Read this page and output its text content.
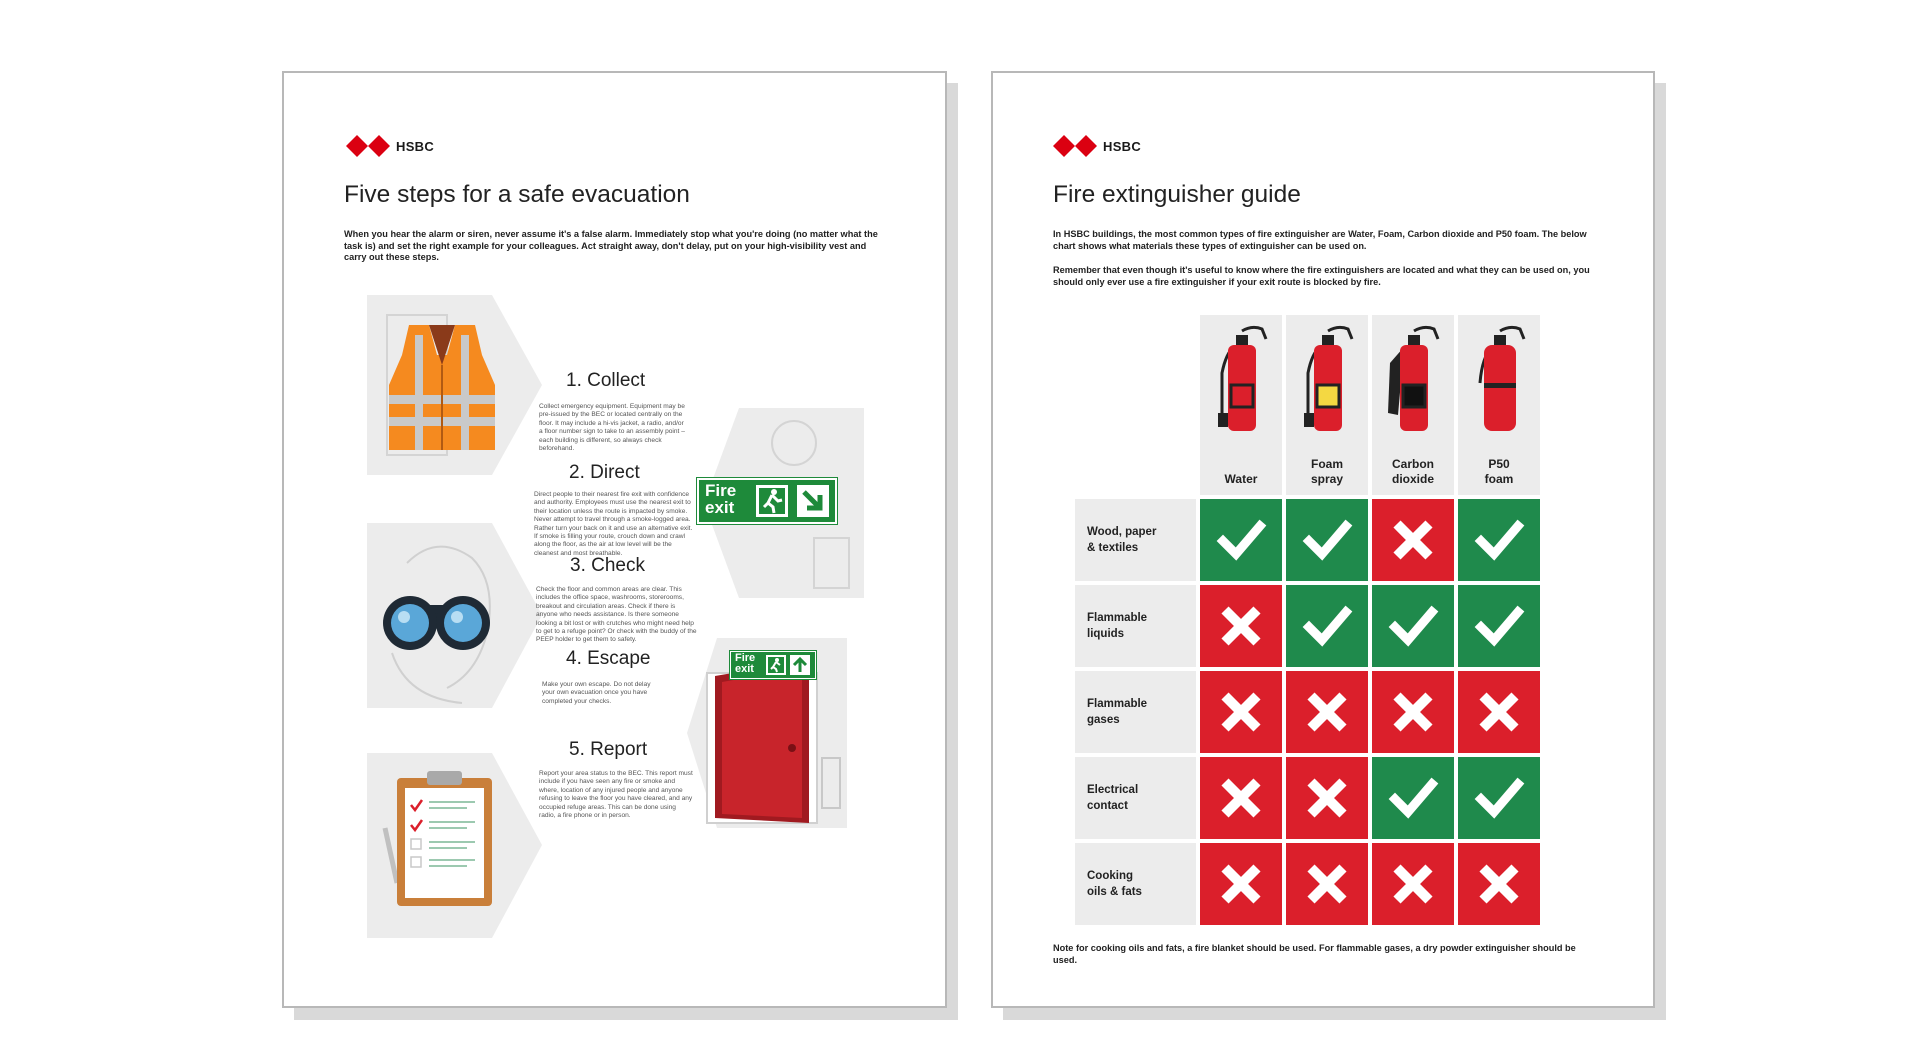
HSBC
Five steps for a safe evacuation
When you hear the alarm or siren, never assume it's a false alarm. Immediately stop what you're doing (no matter what the task is) and set the right example for your colleagues. Act straight away, don't delay, put on your high-visibility vest and carry out these steps.
1. Collect
Collect emergency equipment. Equipment may be pre-issued by the BEC or located centrally on the floor. It may include a hi-vis jacket, a radio, and/or a floor number sign to take to an assembly point – each building is different, so always check beforehand.
Fire
exit
2. Direct
Direct people to their nearest fire exit with confidence and authority. Employees must use the nearest exit to their location unless the route is impacted by smoke. Never attempt to travel through a smoke-logged area. Rather turn your back on it and use an alternative exit. If smoke is filling your route, crouch down and crawl along the floor, as the air at low level will be the cleanest and most breathable.
3. Check
Check the floor and common areas are clear. This includes the office space, washrooms, storerooms, breakout and circulation areas. Check if there is anyone who needs assistance. Is there someone looking a bit lost or with crutches who might need help to get to a refuge point? Or check with the buddy of the PEEP holder to get them to safety.
Fire
exit
4. Escape
Make your own escape. Do not delay your own evacuation once you have completed your checks.
5. Report
Report your area status to the BEC. This report must include if you have seen any fire or smoke and where, location of any injured people and anyone refusing to leave the floor you have cleared, and any occupied refuge areas. This can be done using radio, a fire phone or in person.
HSBC
Fire extinguisher guide
In HSBC buildings, the most common types of fire extinguisher are Water, Foam, Carbon dioxide and P50 foam. The below chart shows what materials these types of extinguisher can be used on.
Remember that even though it's useful to know where the fire extinguishers are located and what they can be used on, you should only ever use a fire extinguisher if your exit route is blocked by fire.
Water
Foam
spray
Carbon
dioxide
P50
foam
Wood, paper
& textiles
Flammable
liquids
Flammable
gases
Electrical
contact
Cooking
oils & fats
Note for cooking oils and fats, a fire blanket should be used. For flammable gases, a dry powder extinguisher should be used.
